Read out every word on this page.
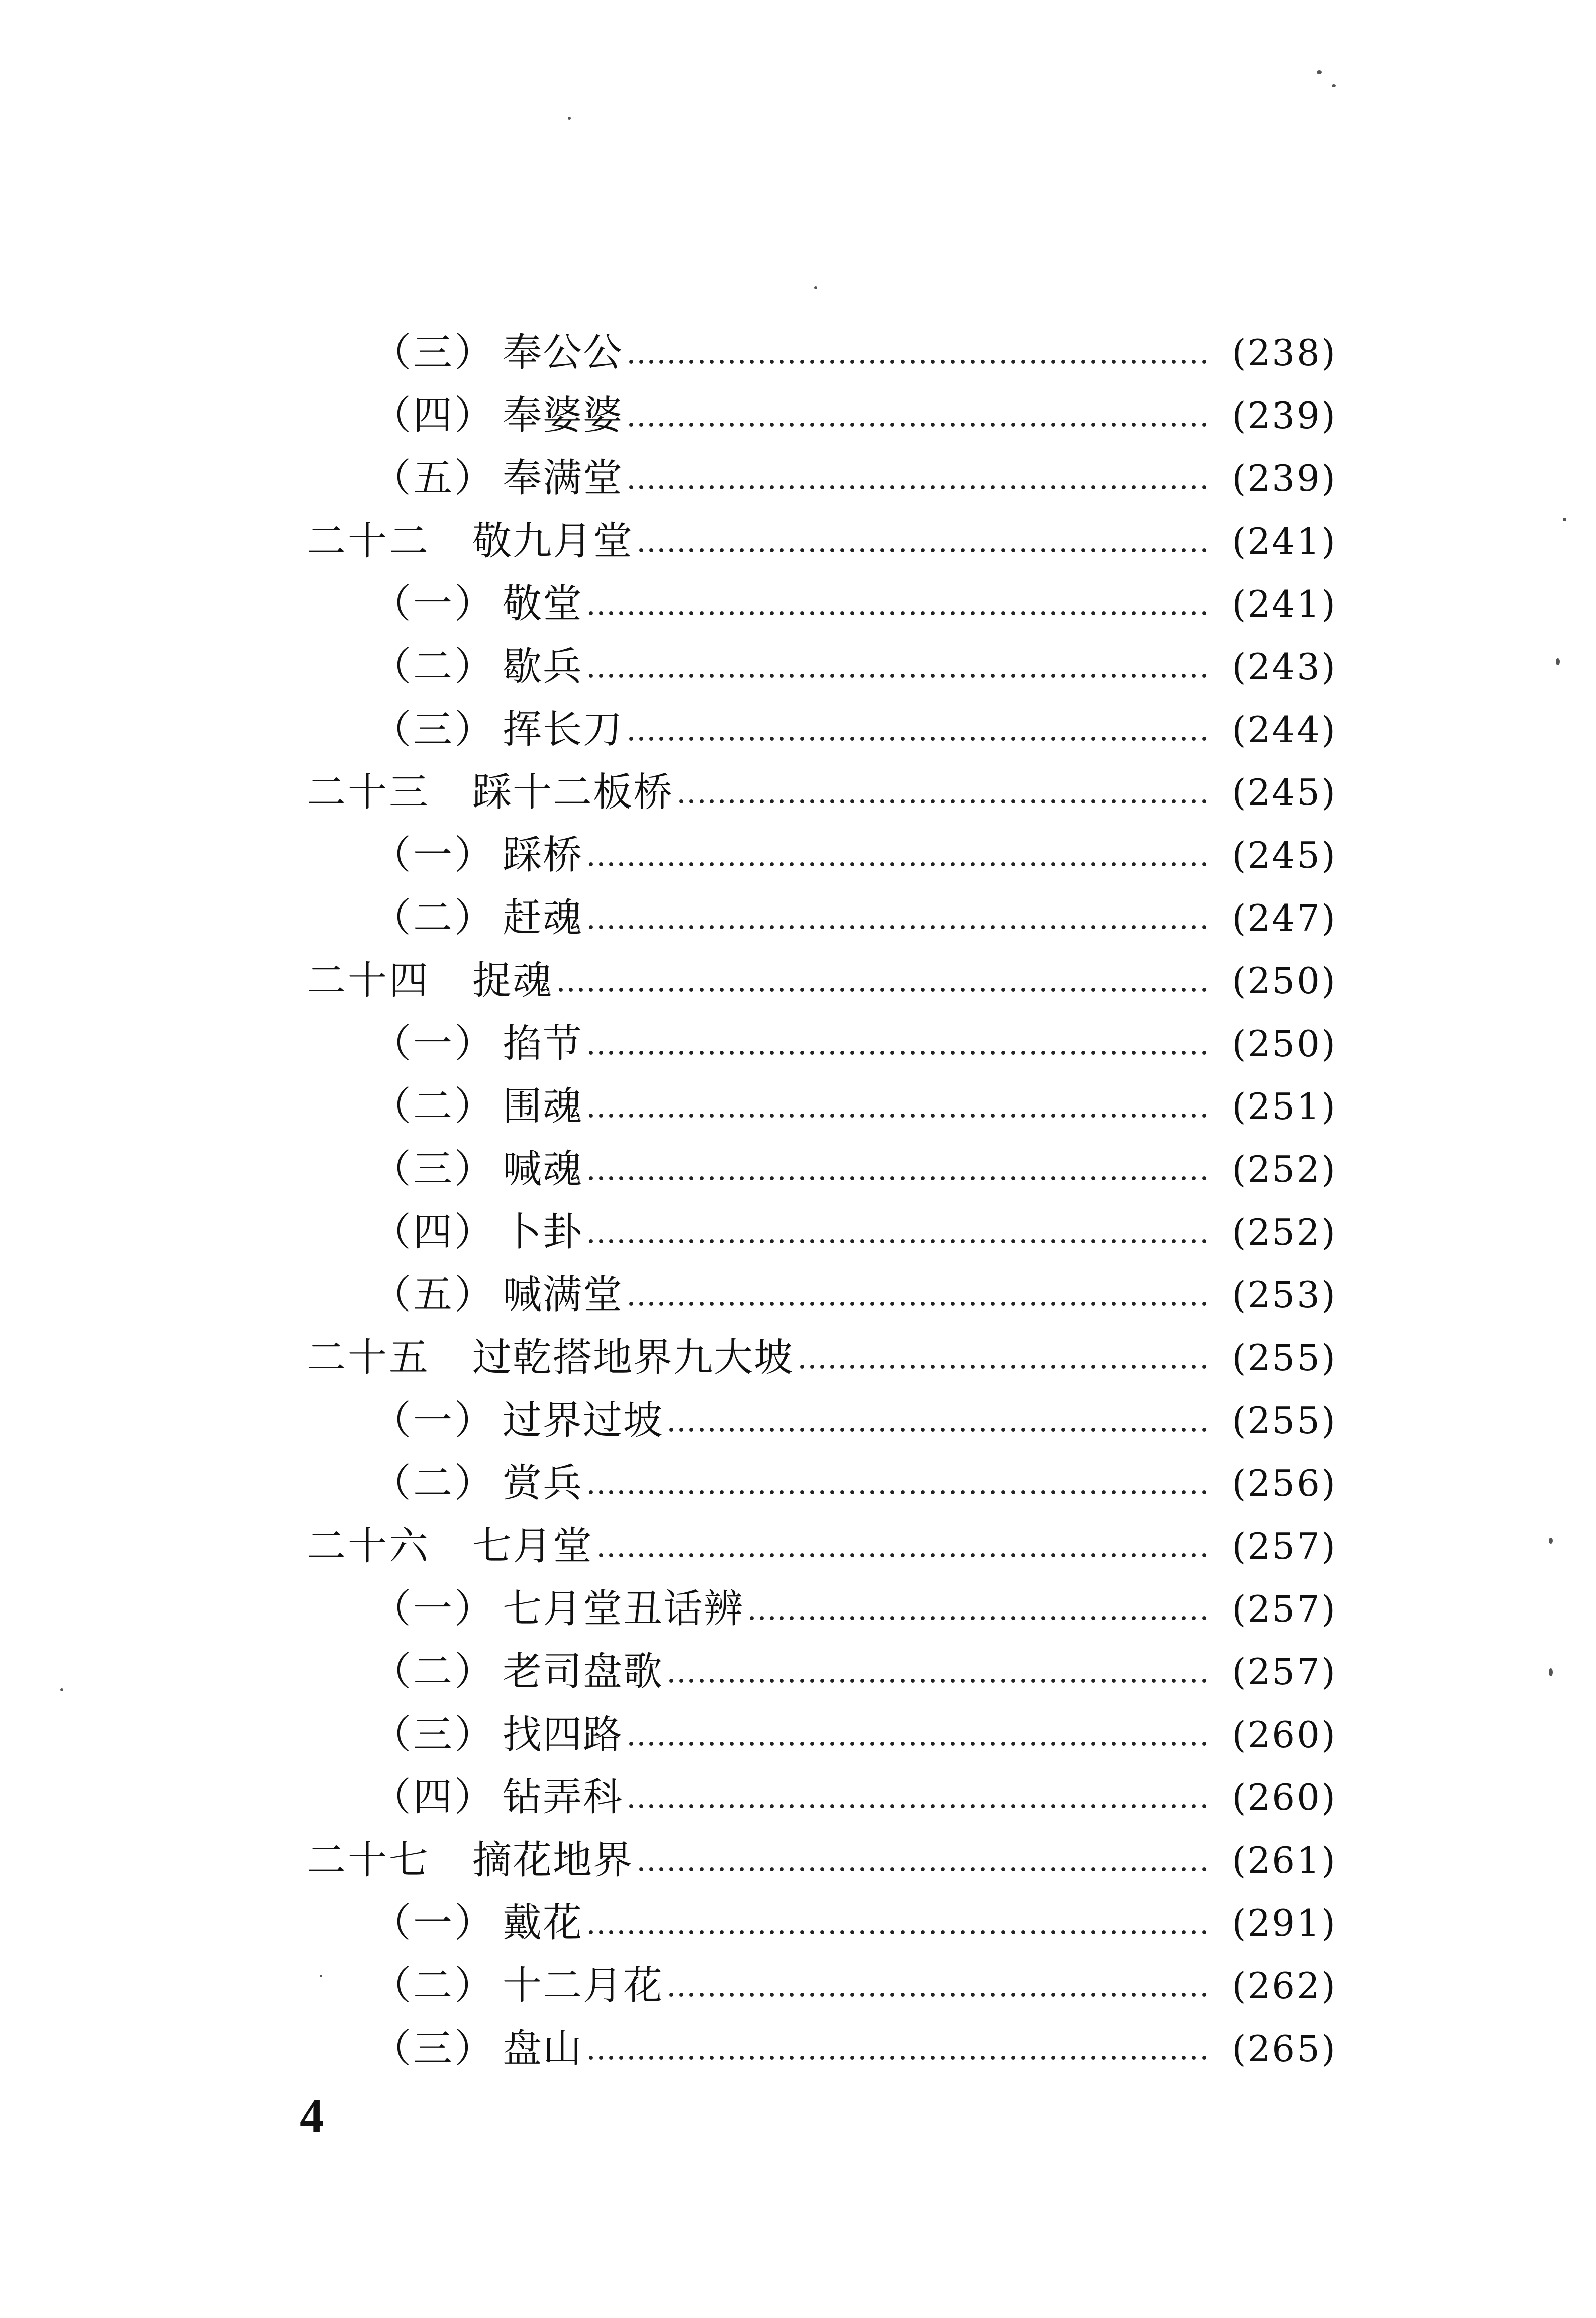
（三） 奉公公	(238)
（四） 奉婆婆	(239)
（五） 奉满堂	(239)
二十二	敬九月堂	(241)
（一） 敬堂	(241)
（二） 歇兵	(243)
（三） 挥长刀	(244)
二十三	踩十二板桥	(245)
（一） 踩桥	(245)
（二） 赶魂	(247)
二十四	捉魂	(250)
（一） 掐节	(250)
（二） 围魂	(251)
（三） 喊魂	(252)
（四） 卜卦	(252)
（五） 喊满堂	(253)
二十五	过乾搭地界九大坡	(255)
（一） 过界过坡	(255)
（二） 赏兵	(256)
二十六	七月堂	(257)
（一） 七月堂丑话辨	(257)
（二） 老司盘歌	(257)
（三） 找四路	(260)
（四） 钻弄科	(260)
二十七	摘花地界	(261)
（一） 戴花	(291)
（二） 十二月花	(262)
（三） 盘山	(265)
4
